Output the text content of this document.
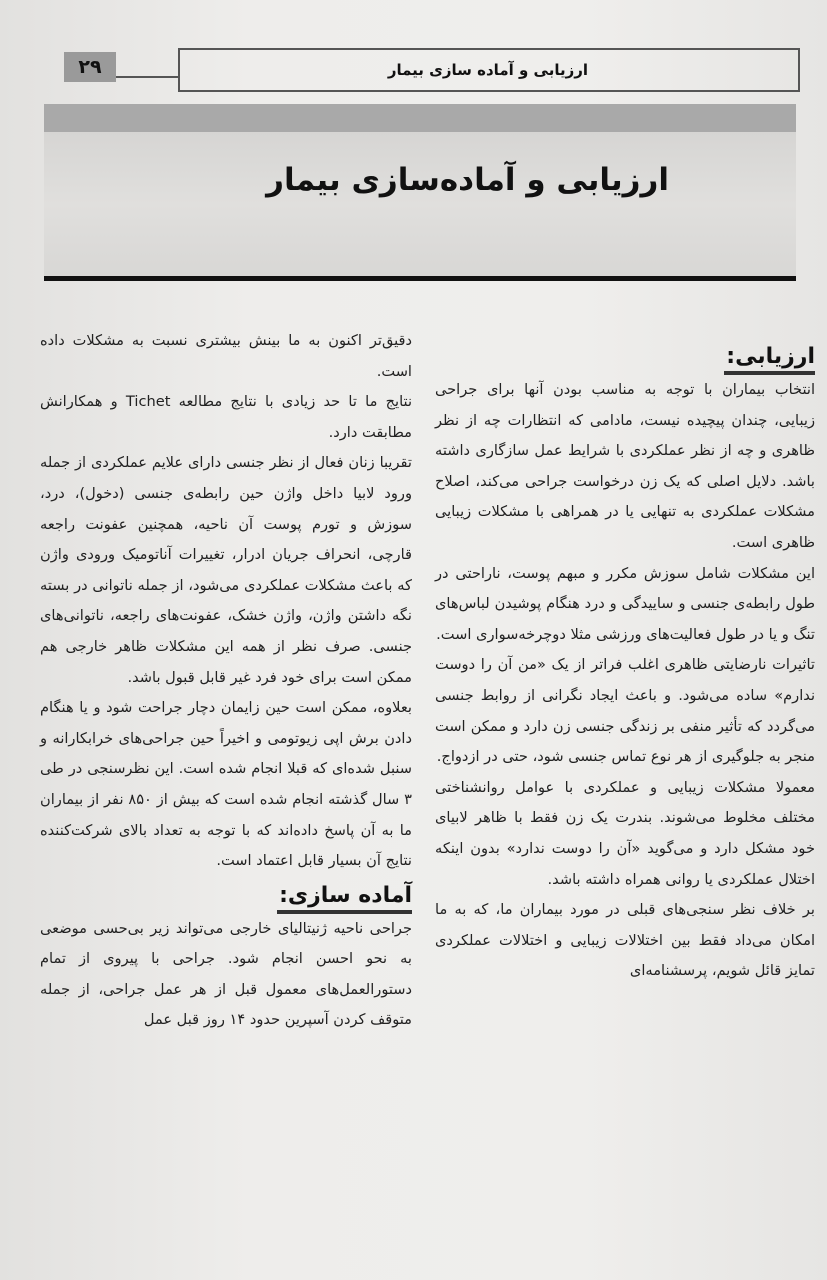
۲۹	ارزیابی و آماده سازی بیمار
ارزیابی و آماده‌سازی بیمار
ارزیابی:

انتخاب بیماران با توجه به مناسب بودن آنها برای جراحی زیبایی، چندان پیچیده نیست، مادامی که انتظارات چه از نظر ظاهری و چه از نظر عملکردی با شرایط عمل سازگاری داشته باشد. دلایل اصلی که یک زن درخواست جراحی می‌کند، اصلاح مشکلات عملکردی به تنهایی یا در همراهی با مشکلات زیبایی ظاهری است.

این مشکلات شامل سوزش مکرر و مبهم پوست، ناراحتی در طول رابطه‌ی جنسی و ساییدگی و درد هنگام پوشیدن لباس‌های تنگ و یا در طول فعالیت‌های ورزشی مثلا دوچرخه‌سواری است.

تاثیرات نارضایتی ظاهری اغلب فراتر از یک «من آن را دوست ندارم» ساده می‌شود. و باعث ایجاد نگرانی از روابط جنسی می‌گردد که تأثیر منفی بر زندگی جنسی زن دارد و ممکن است منجر به جلوگیری از هر نوع تماس جنسی شود، حتی در ازدواج.

معمولا مشکلات زیبایی و عملکردی با عوامل روانشناختی مختلف مخلوط می‌شوند. بندرت یک زن فقط با ظاهر لابیای خود مشکل دارد و می‌گوید «آن را دوست ندارد» بدون اینکه اختلال عملکردی یا روانی همراه داشته باشد.

بر خلاف نظر سنجی‌های قبلی در مورد بیماران ما، که به ما امکان می‌داد فقط بین اختلالات زیبایی و اختلالات عملکردی تمایز قائل شویم، پرسشنامه‌ای

دقیق‌تر اکنون به ما بینش بیشتری نسبت به مشکلات داده است.

نتایج ما تا حد زیادی با نتایج مطالعه Tichet و همکارانش مطابقت دارد.

تقریبا زنان فعال از نظر جنسی دارای علایم عملکردی از جمله ورود لابیا داخل واژن حین رابطه‌ی جنسی (دخول)، درد، سوزش و تورم پوست آن ناحیه، همچنین عفونت راجعه قارچی، انحراف جریان ادرار، تغییرات آناتومیک ورودی واژن که باعث مشکلات عملکردی می‌شود، از جمله ناتوانی در بسته نگه داشتن واژن، واژن خشک، عفونت‌های راجعه، ناتوانی‌های جنسی. صرف نظر از همه این مشکلات ظاهر خارجی هم ممکن است برای خود فرد غیر قابل قبول باشد.

بعلاوه، ممکن است حین زایمان دچار جراحت شود و یا هنگام دادن برش اپی زیوتومی و اخیراً حین جراحی‌های خرابکارانه و سنبل شده‌ای که قبلا انجام شده است. این نظرسنجی در طی ۳ سال گذشته انجام شده است که بیش از ۸۵۰ نفر از بیماران ما به آن پاسخ داده‌اند که با توجه به تعداد بالای شرکت‌کننده نتایج آن بسیار قابل اعتماد است.

آماده سازی:

جراحی ناحیه ژنیتالیای خارجی می‌تواند زیر بی‌حسی موضعی به نحو احسن انجام شود. جراحی با پیروی از تمام دستورالعمل‌های معمول قبل از هر عمل جراحی، از جمله متوقف کردن آسپرین حدود ۱۴ روز قبل عمل
